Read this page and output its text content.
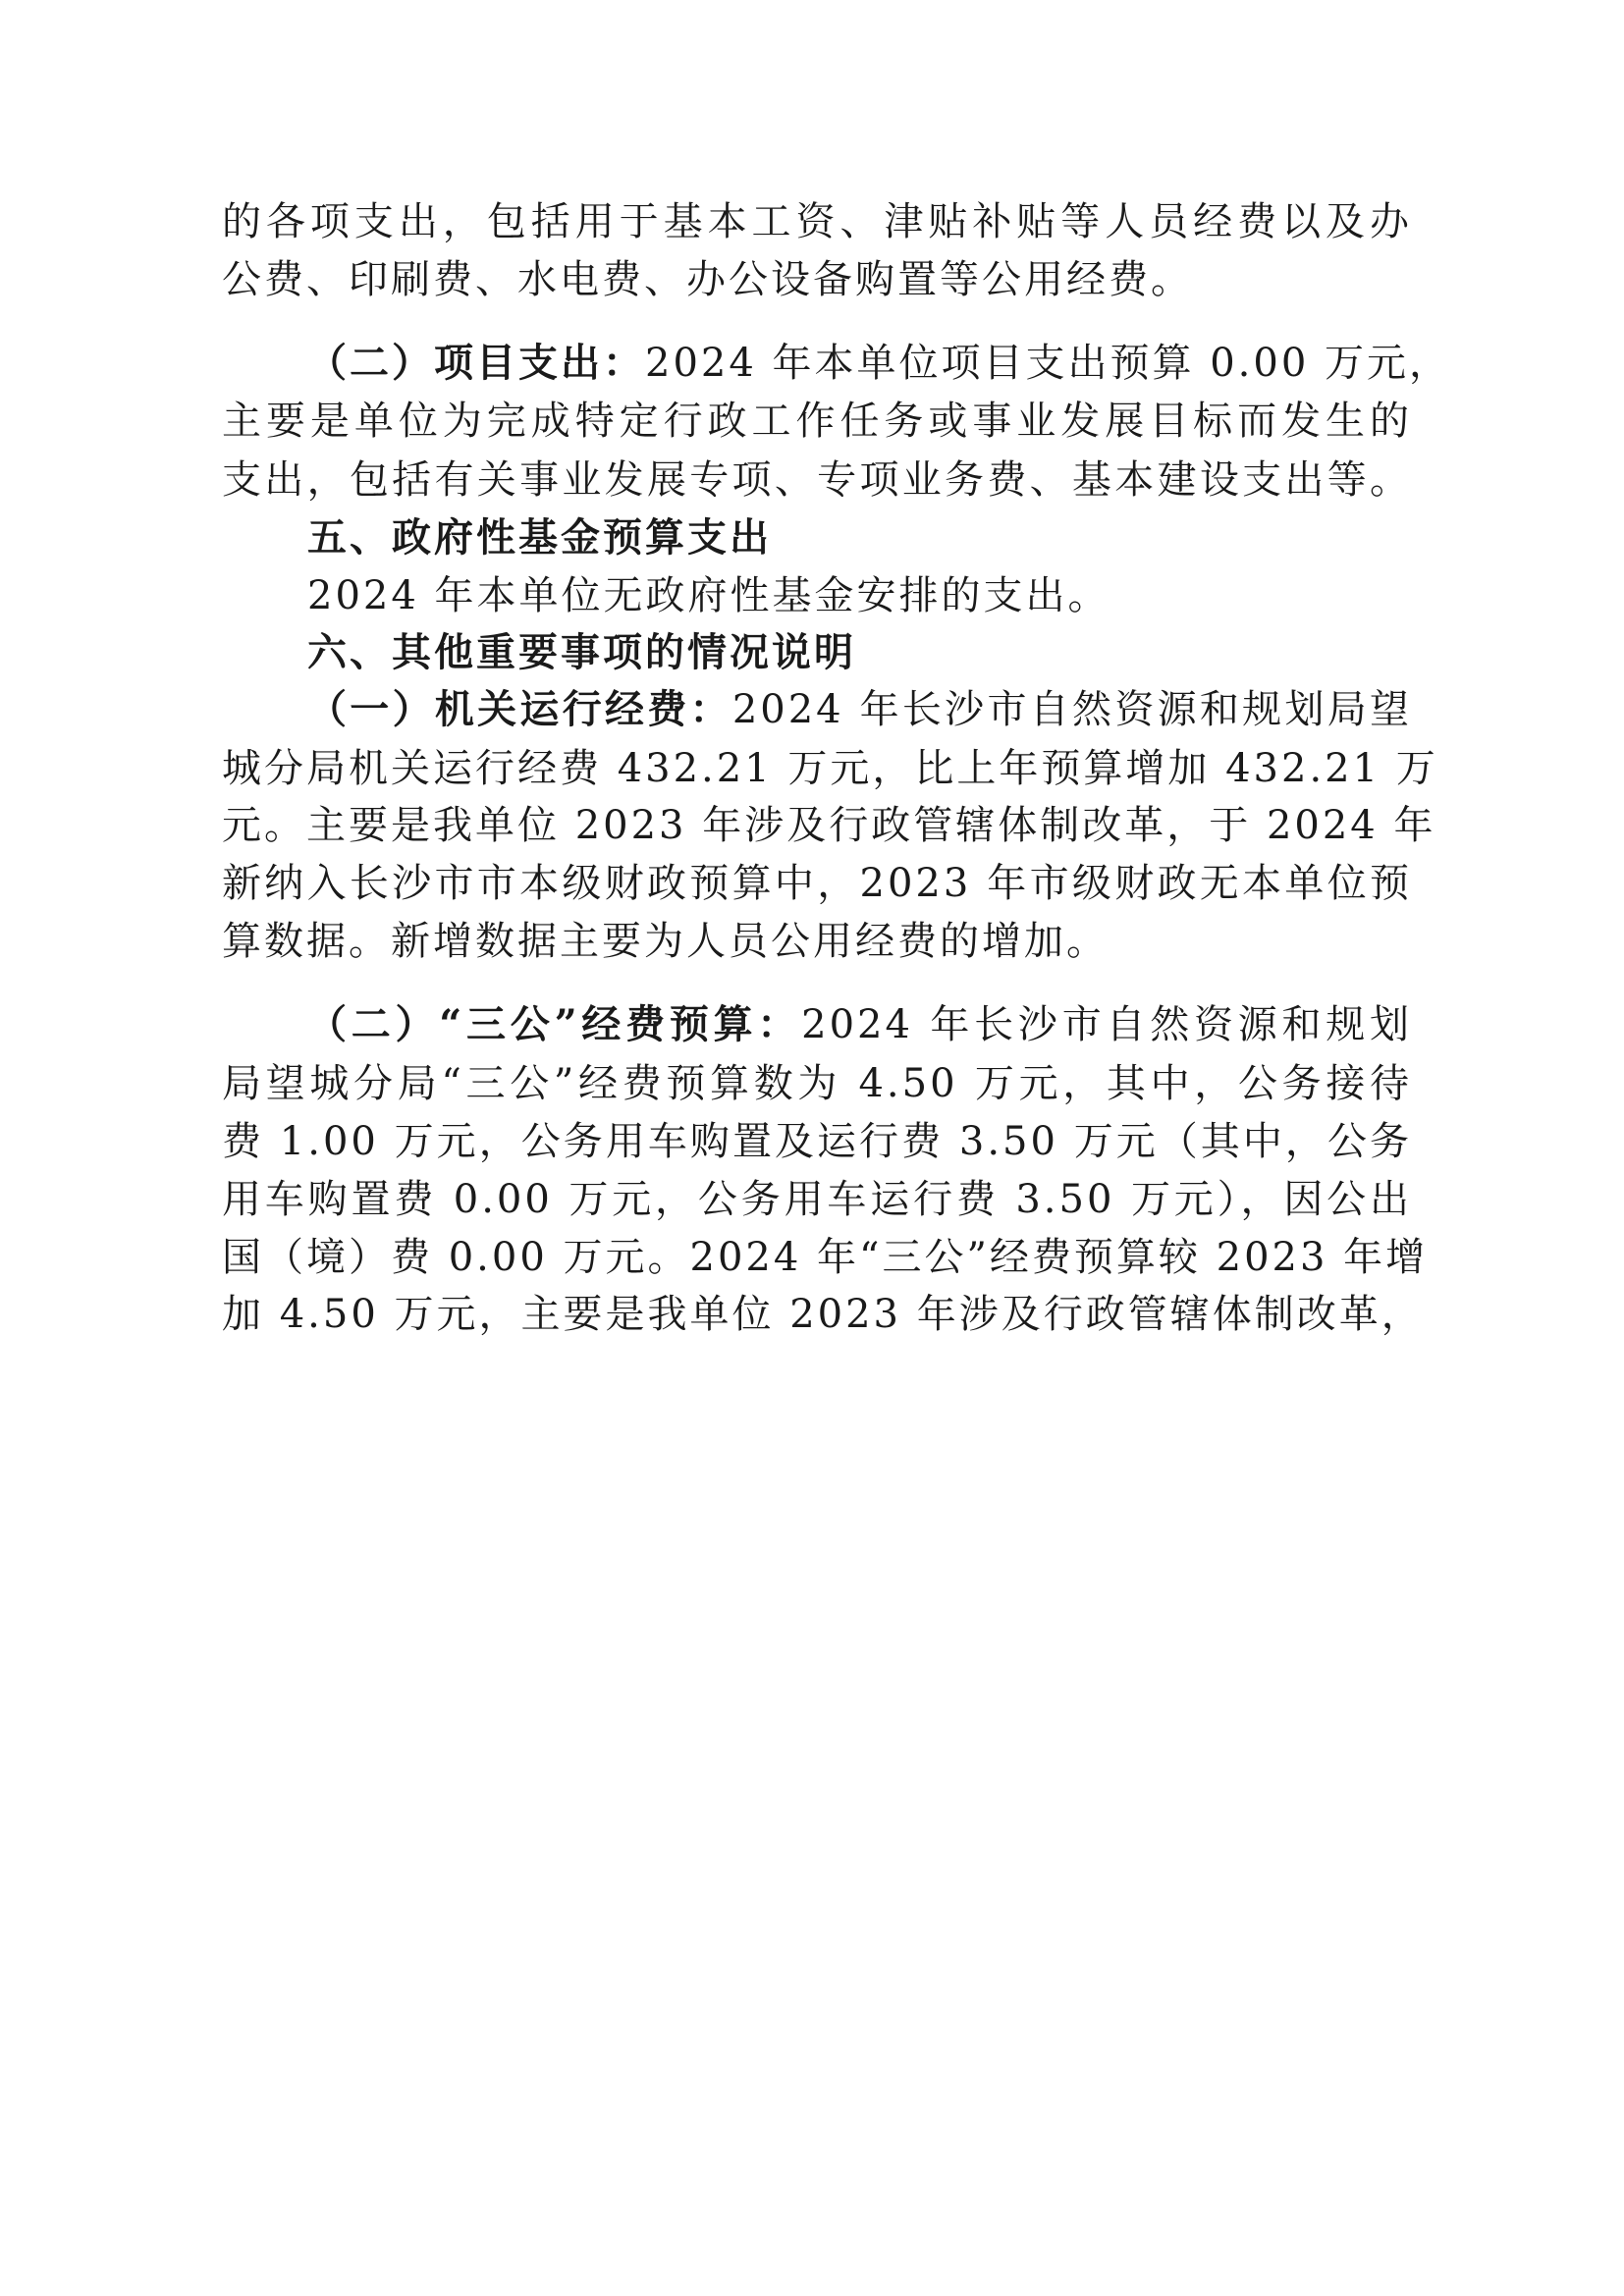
的各项支出，包括用于基本工资、津贴补贴等人员经费以及办
公费、印刷费、水电费、办公设备购置等公用经费。
（二）项目支出：2024 年本单位项目支出预算 0.00 万元，
主要是单位为完成特定行政工作任务或事业发展目标而发生的
支出，包括有关事业发展专项、专项业务费、基本建设支出等。
五、政府性基金预算支出
2024 年本单位无政府性基金安排的支出。
六、其他重要事项的情况说明
（一）机关运行经费：2024 年长沙市自然资源和规划局望
城分局机关运行经费 432.21 万元，比上年预算增加 432.21 万
元。主要是我单位 2023 年涉及行政管辖体制改革，于 2024 年
新纳入长沙市市本级财政预算中，2023 年市级财政无本单位预
算数据。新增数据主要为人员公用经费的增加。
（二）“三公”经费预算：2024 年长沙市自然资源和规划
局望城分局“三公”经费预算数为 4.50 万元，其中，公务接待
费 1.00 万元，公务用车购置及运行费 3.50 万元（其中，公务
用车购置费 0.00 万元，公务用车运行费 3.50 万元），因公出
国（境）费 0.00 万元。2024 年“三公”经费预算较 2023 年增
加 4.50 万元，主要是我单位 2023 年涉及行政管辖体制改革，
